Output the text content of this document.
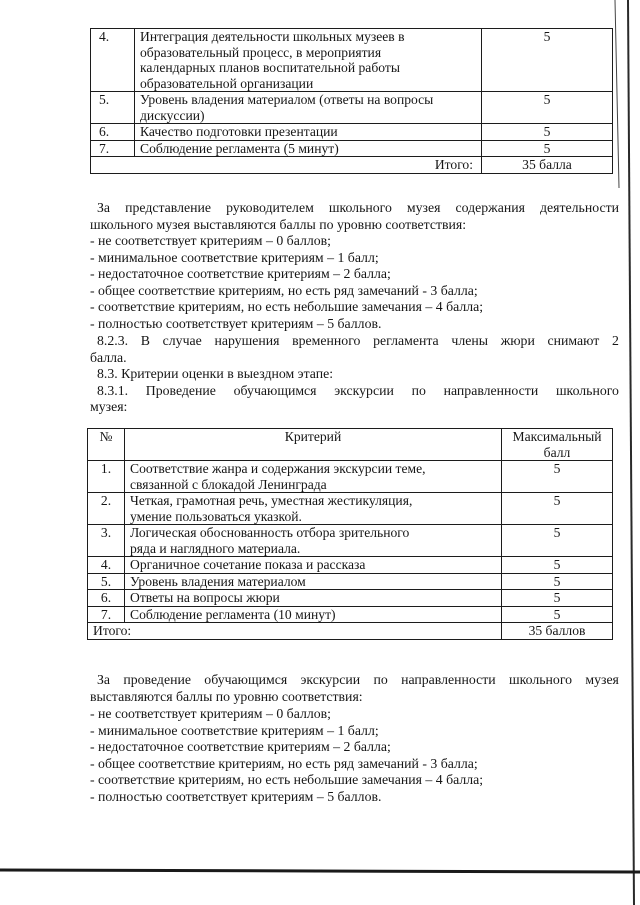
4.	Интеграция деятельности школьных музеев в
образовательный процесс, в мероприятия
календарных планов воспитательной работы
образовательной организации	5
5.	Уровень владения материалом (ответы на вопросы
дискуссии)	5
6.	Качество подготовки презентации	5
7.	Соблюдение регламента (5 минут)	5
Итого:		35 балла
За представление руководителем школьного музея содержания деятельности
школьного музея выставляются баллы по уровню соответствия:
- не соответствует критериям – 0 баллов;
- минимальное соответствие критериям – 1 балл;
- недостаточное соответствие критериям – 2 балла;
- общее соответствие критериям, но есть ряд замечаний - 3 балла;
- соответствие критериям, но есть небольшие замечания – 4 балла;
- полностью соответствует критериям – 5 баллов.
8.2.3. В случае нарушения временного регламента члены жюри снимают 2
балла.
8.3. Критерии оценки в выездном этапе:
8.3.1. Проведение обучающимся экскурсии по направленности школьного
музея:
№	Критерий	Максимальный
балл

1.	Соответствие жанра и содержания экскурсии теме,
связанной с блокадой Ленинграда	5
2.	Четкая, грамотная речь, уместная жестикуляция,
умение пользоваться указкой.	5
3.	Логическая обоснованность отбора зрительного
ряда и наглядного материала.	5
4.	Органичное сочетание показа и рассказа	5
5.	Уровень владения материалом	5
6.	Ответы на вопросы жюри	5
7.	Соблюдение регламента (10 минут)	5
Итого:		35 баллов
За проведение обучающимся экскурсии по направленности школьного музея
выставляются баллы по уровню соответствия:
- не соответствует критериям – 0 баллов;
- минимальное соответствие критериям – 1 балл;
- недостаточное соответствие критериям – 2 балла;
- общее соответствие критериям, но есть ряд замечаний - 3 балла;
- соответствие критериям, но есть небольшие замечания – 4 балла;
- полностью соответствует критериям – 5 баллов.
